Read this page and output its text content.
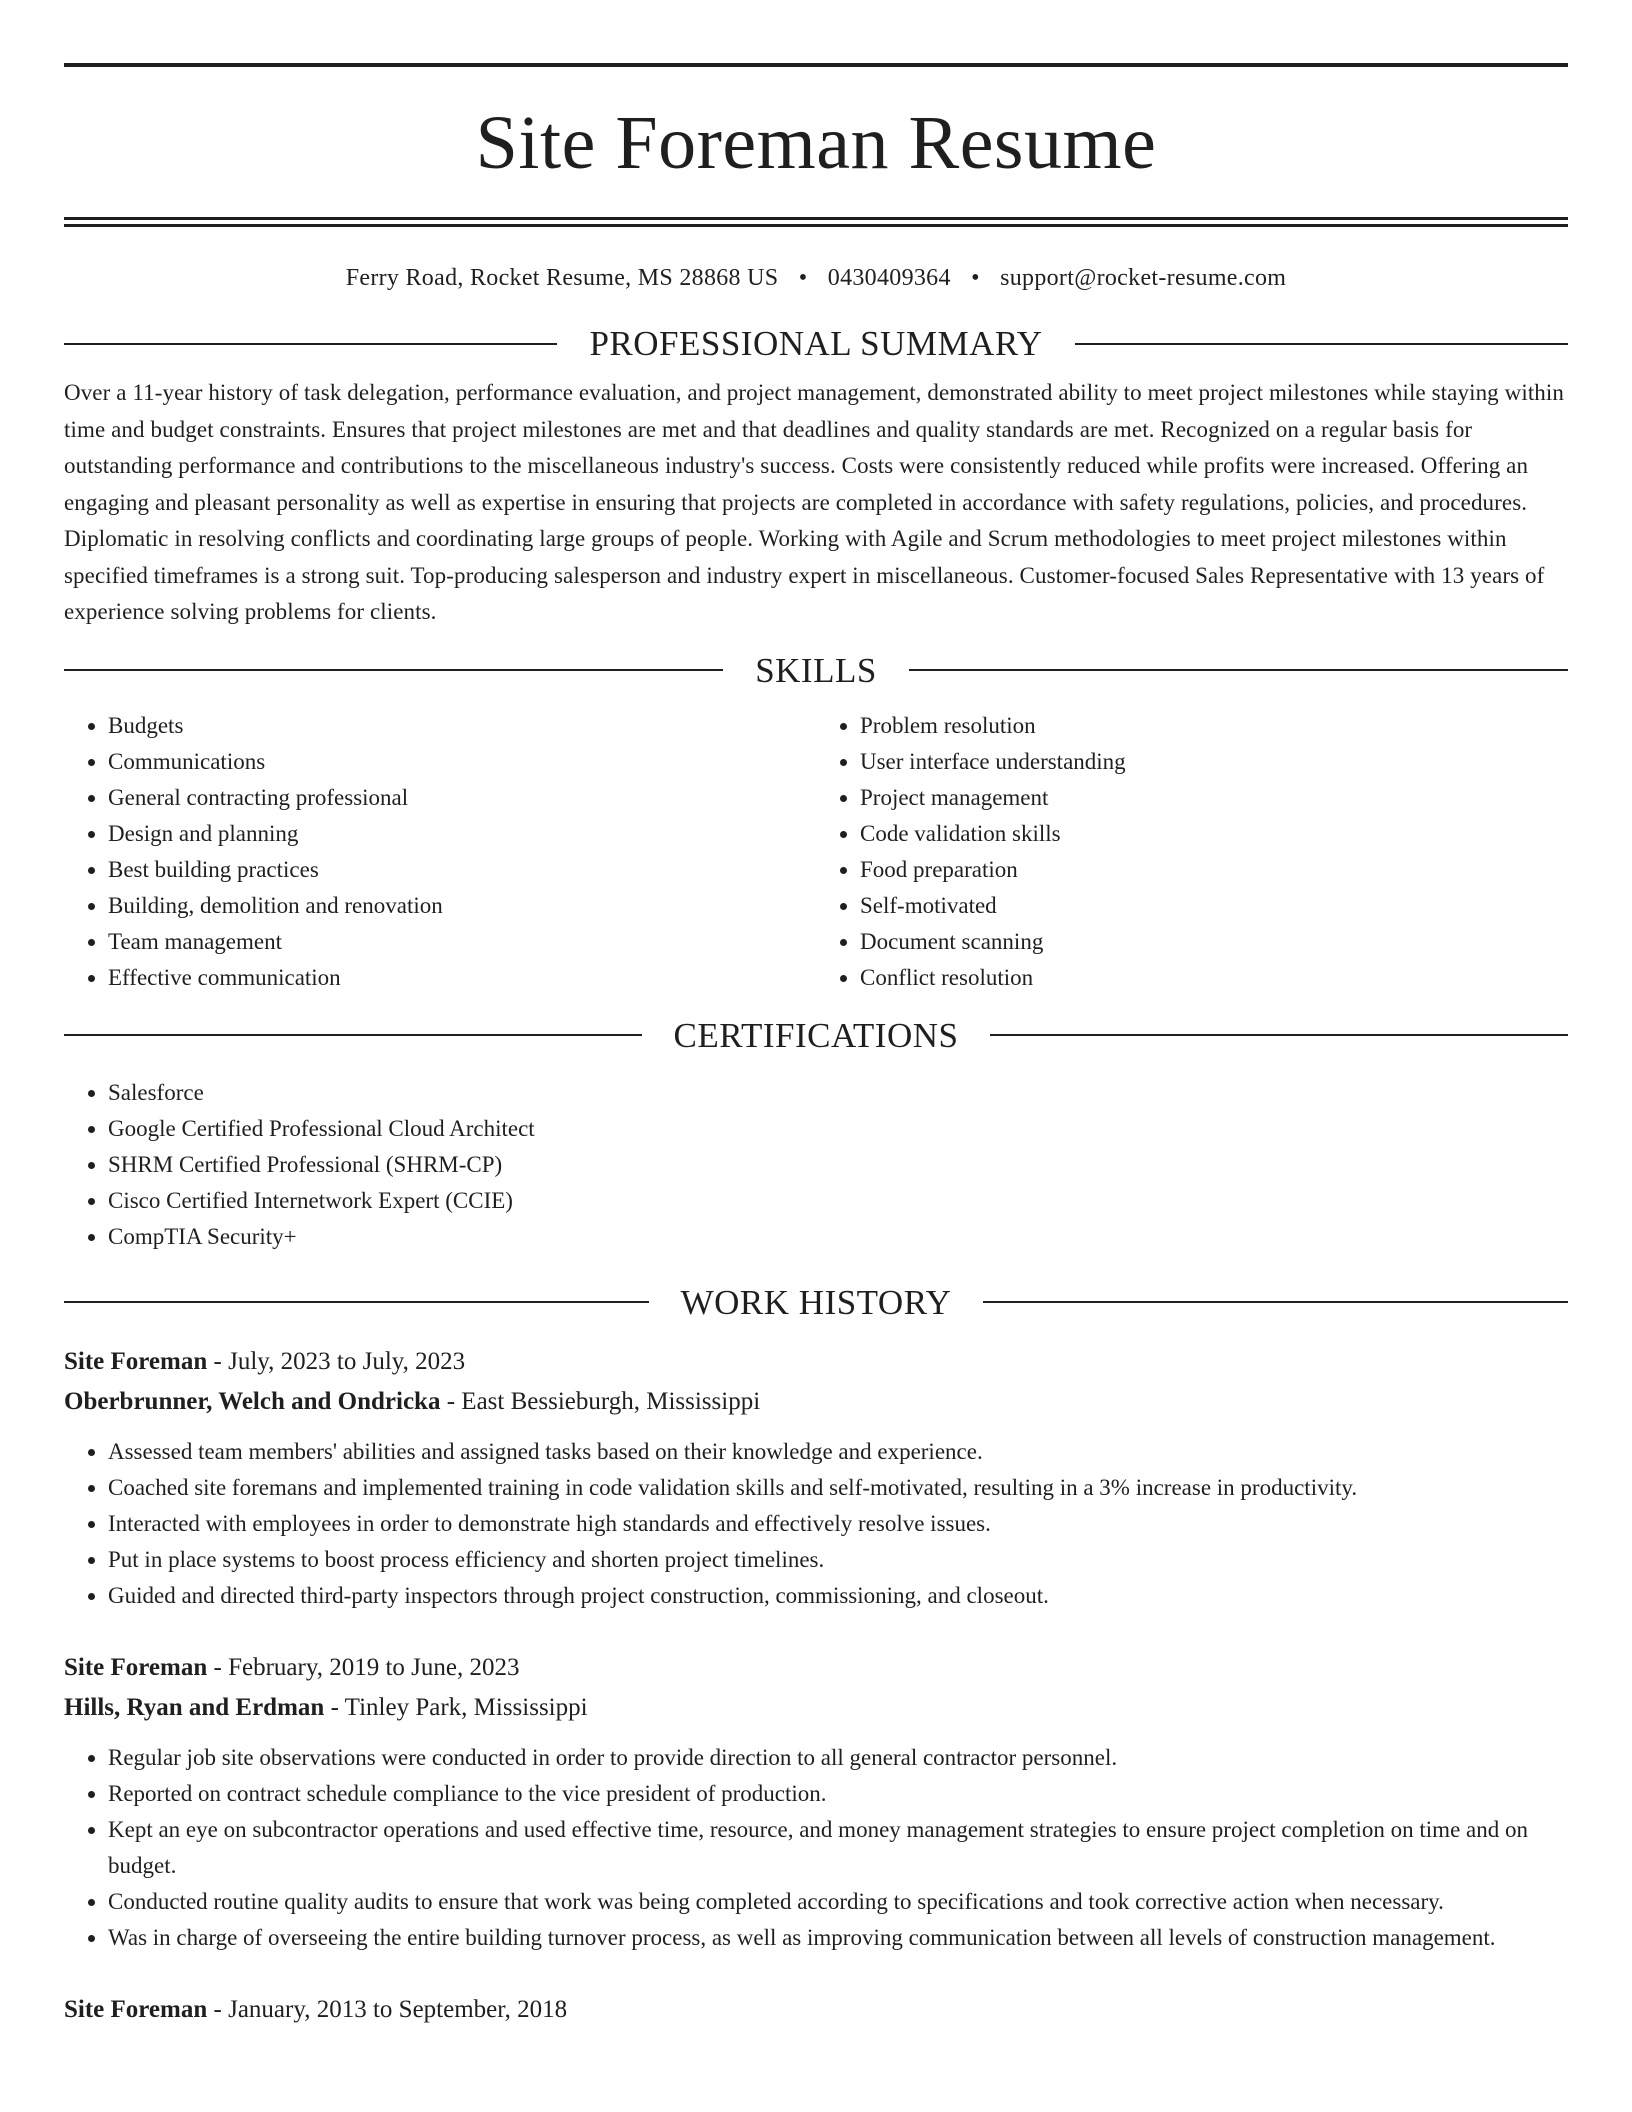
Site Foreman Resume
Ferry Road, Rocket Resume, MS 28868 US • 0430409364 • support@rocket-resume.com
PROFESSIONAL SUMMARY
Over a 11-year history of task delegation, performance evaluation, and project management, demonstrated ability to meet project milestones while staying within time and budget constraints. Ensures that project milestones are met and that deadlines and quality standards are met. Recognized on a regular basis for outstanding performance and contributions to the miscellaneous industry's success. Costs were consistently reduced while profits were increased. Offering an engaging and pleasant personality as well as expertise in ensuring that projects are completed in accordance with safety regulations, policies, and procedures. Diplomatic in resolving conflicts and coordinating large groups of people. Working with Agile and Scrum methodologies to meet project milestones within specified timeframes is a strong suit. Top-producing salesperson and industry expert in miscellaneous. Customer-focused Sales Representative with 13 years of experience solving problems for clients.
SKILLS
• Budgets
• Communications
• General contracting professional
• Design and planning
• Best building practices
• Building, demolition and renovation
• Team management
• Effective communication
• Problem resolution
• User interface understanding
• Project management
• Code validation skills
• Food preparation
• Self-motivated
• Document scanning
• Conflict resolution
CERTIFICATIONS
• Salesforce
• Google Certified Professional Cloud Architect
• SHRM Certified Professional (SHRM-CP)
• Cisco Certified Internetwork Expert (CCIE)
• CompTIA Security+
WORK HISTORY
Site Foreman - July, 2023 to July, 2023
Oberbrunner, Welch and Ondricka - East Bessieburgh, Mississippi
• Assessed team members' abilities and assigned tasks based on their knowledge and experience.
• Coached site foremans and implemented training in code validation skills and self-motivated, resulting in a 3% increase in productivity.
• Interacted with employees in order to demonstrate high standards and effectively resolve issues.
• Put in place systems to boost process efficiency and shorten project timelines.
• Guided and directed third-party inspectors through project construction, commissioning, and closeout.
Site Foreman - February, 2019 to June, 2023
Hills, Ryan and Erdman - Tinley Park, Mississippi
• Regular job site observations were conducted in order to provide direction to all general contractor personnel.
• Reported on contract schedule compliance to the vice president of production.
• Kept an eye on subcontractor operations and used effective time, resource, and money management strategies to ensure project completion on time and on budget.
• Conducted routine quality audits to ensure that work was being completed according to specifications and took corrective action when necessary.
• Was in charge of overseeing the entire building turnover process, as well as improving communication between all levels of construction management.
Site Foreman - January, 2013 to September, 2018
